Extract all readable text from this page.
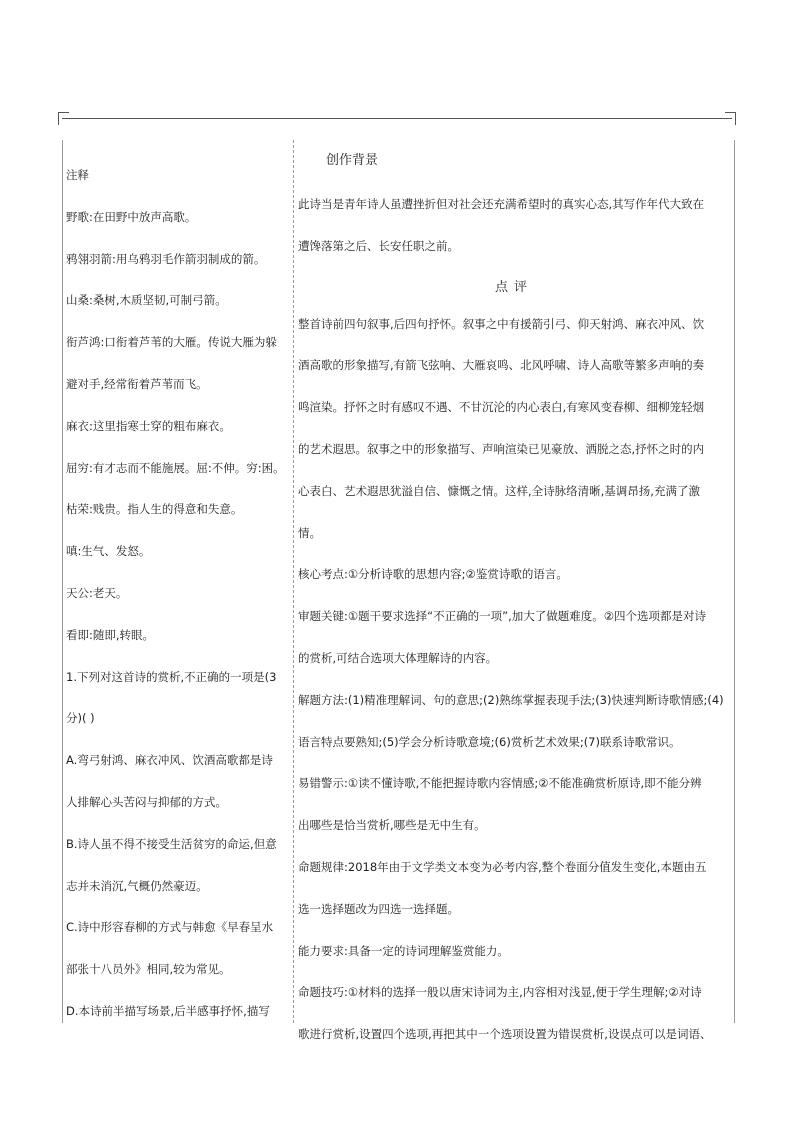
注释
野歌:在田野中放声高歌。
鸦翎羽箭:用乌鸦羽毛作箭羽制成的箭。
山桑:桑树,木质坚韧,可制弓箭。
衔芦鸿:口衔着芦苇的大雁。传说大雁为躲
避对手,经常衔着芦苇而飞。
麻衣:这里指寒士穿的粗布麻衣。
屈穷:有才志而不能施展。屈:不伸。穷:困。
枯荣:贱贵。指人生的得意和失意。
嗔:生气、发怒。
天公:老天。
看即:随即,转眼。
1.下列对这首诗的赏析,不正确的一项是(3
分)( )
A.弯弓射鸿、麻衣冲风、饮酒高歌都是诗
人排解心头苦闷与抑郁的方式。
B.诗人虽不得不接受生活贫穷的命运,但意
志并未消沉,气概仍然豪迈。
C.诗中形容春柳的方式与韩愈《早春呈水
部张十八员外》相同,较为常见。
D.本诗前半描写场景,后半感事抒怀,描写
创作背景
此诗当是青年诗人虽遭挫折但对社会还充满希望时的真实心态,其写作年代大致在
遭馋落第之后、长安任职之前。
点评
整首诗前四句叙事,后四句抒怀。叙事之中有援箭引弓、仰天射鸿、麻衣冲风、饮
酒高歌的形象描写,有箭飞弦响、大雁哀鸣、北风呼啸、诗人高歌等繁多声响的奏
鸣渲染。抒怀之时有感叹不遇、不甘沉沦的内心表白,有寒风变春柳、细柳笼轻烟
的艺术遐思。叙事之中的形象描写、声响渲染已见豪放、洒脱之态,抒怀之时的内
心表白、艺术遐思犹溢自信、慷慨之情。这样,全诗脉络清晰,基调昂扬,充满了激
情。
核心考点:①分析诗歌的思想内容;②鉴赏诗歌的语言。
审题关键:①题干要求选择“不正确的一项”,加大了做题难度。②四个选项都是对诗
的赏析,可结合选项大体理解诗的内容。
解题方法:(1)精准理解词、句的意思;(2)熟练掌握表现手法;(3)快速判断诗歌情感;(4)
语言特点要熟知;(5)学会分析诗歌意境;(6)赏析艺术效果;(7)联系诗歌常识。
易错警示:①读不懂诗歌,不能把握诗歌内容情感;②不能准确赏析原诗,即不能分辨
出哪些是恰当赏析,哪些是无中生有。
命题规律:2018年由于文学类文本变为必考内容,整个卷面分值发生变化,本题由五
选一选择题改为四选一选择题。
能力要求:具备一定的诗词理解鉴赏能力。
命题技巧:①材料的选择一般以唐宋诗词为主,内容相对浅显,便于学生理解;②对诗
歌进行赏析,设置四个选项,再把其中一个选项设置为错误赏析,设误点可以是词语、
